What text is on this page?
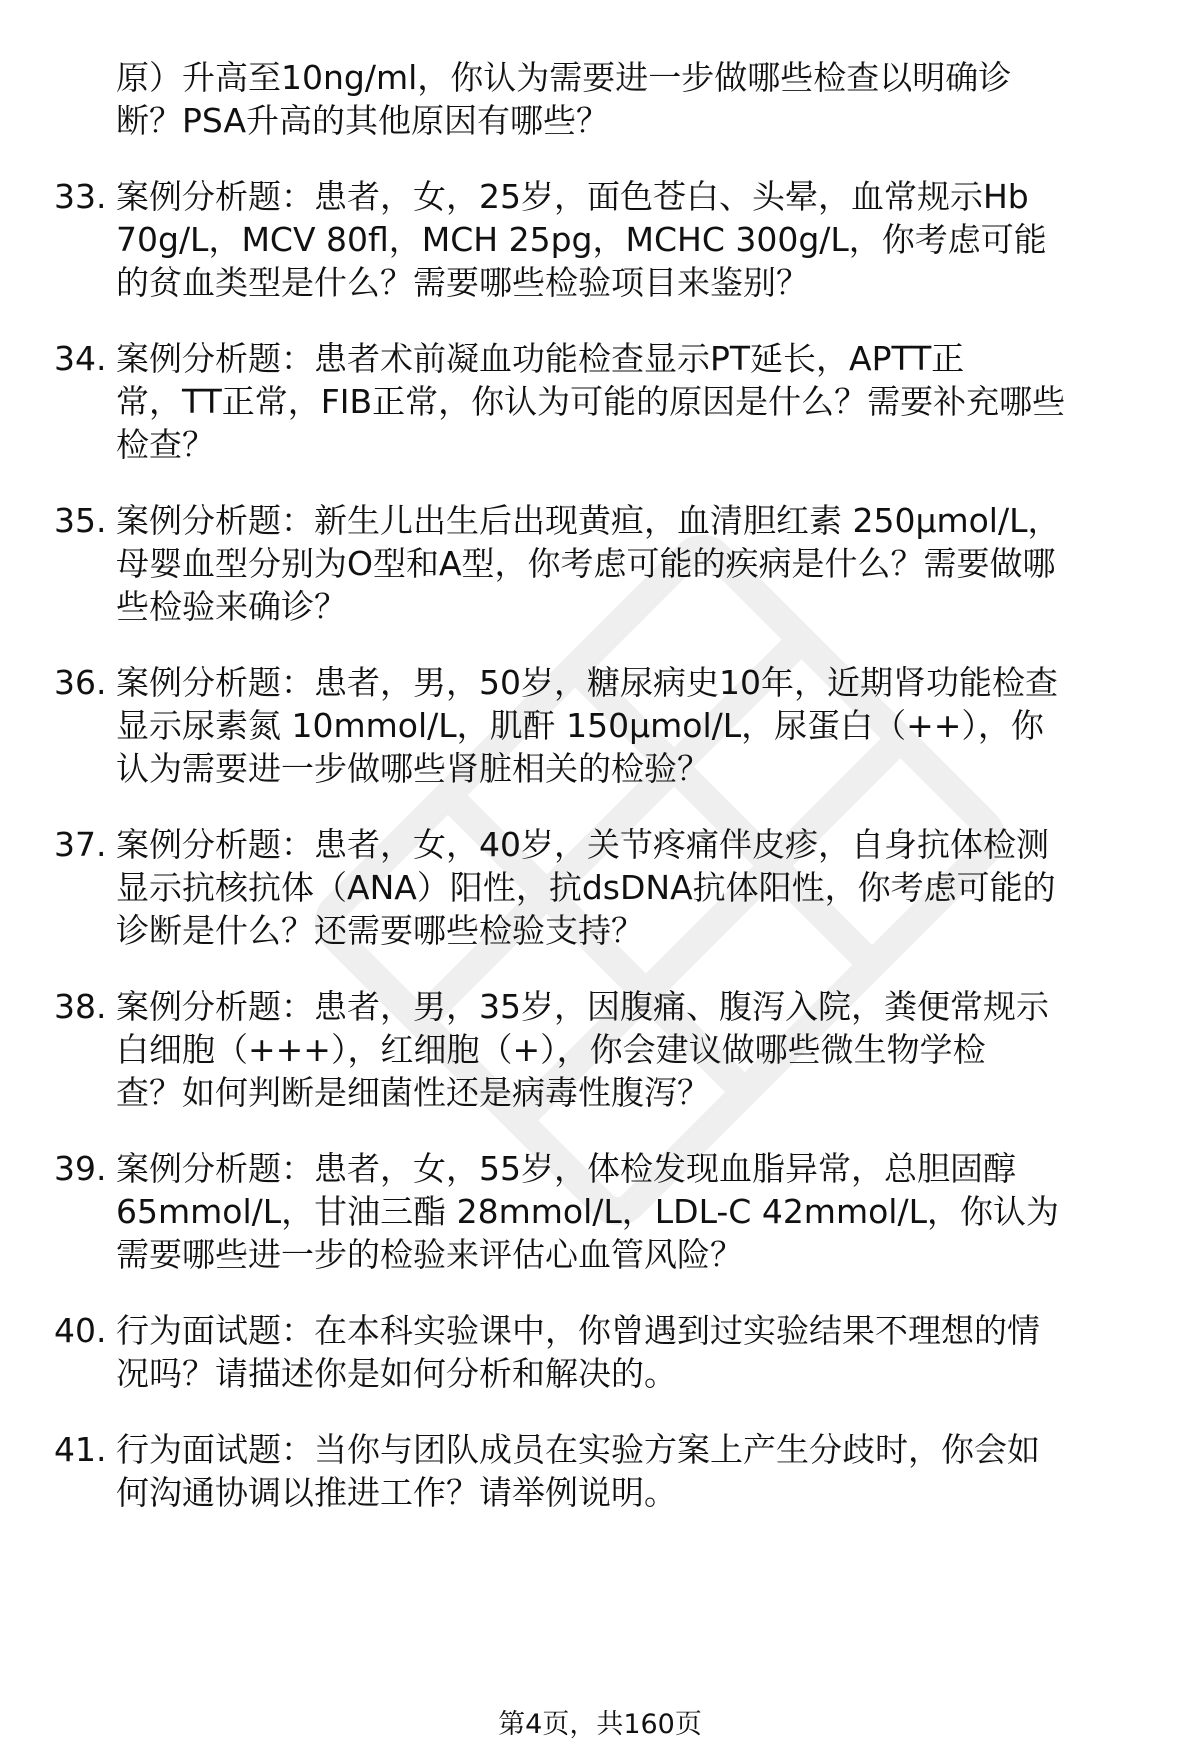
原）升高至10ng/ml，你认为需要进一步做哪些检查以明确诊
断？PSA升高的其他原因有哪些？
33. 案例分析题：患者，女，25岁，面色苍白、头晕，血常规示Hb
70g/L，MCV 80fl，MCH 25pg，MCHC 300g/L，你考虑可能
的贫血类型是什么？需要哪些检验项目来鉴别？
34. 案例分析题：患者术前凝血功能检查显示PT延长，APTT正
常，TT正常，FIB正常，你认为可能的原因是什么？需要补充哪些
检查？
35. 案例分析题：新生儿出生后出现黄疸，血清胆红素 250μmol/L，
母婴血型分别为O型和A型，你考虑可能的疾病是什么？需要做哪
些检验来确诊？
36. 案例分析题：患者，男，50岁，糖尿病史10年，近期肾功能检查
显示尿素氮 10mmol/L，肌酐 150μmol/L，尿蛋白（++），你
认为需要进一步做哪些肾脏相关的检验？
37. 案例分析题：患者，女，40岁，关节疼痛伴皮疹，自身抗体检测
显示抗核抗体（ANA）阳性，抗dsDNA抗体阳性，你考虑可能的
诊断是什么？还需要哪些检验支持？
38. 案例分析题：患者，男，35岁，因腹痛、腹泻入院，粪便常规示
白细胞（+++），红细胞（+），你会建议做哪些微生物学检
查？如何判断是细菌性还是病毒性腹泻？
39. 案例分析题：患者，女，55岁，体检发现血脂异常，总胆固醇
65mmol/L，甘油三酯 28mmol/L，LDL-C 42mmol/L，你认为
需要哪些进一步的检验来评估心血管风险？
40. 行为面试题：在本科实验课中，你曾遇到过实验结果不理想的情
况吗？请描述你是如何分析和解决的。
41. 行为面试题：当你与团队成员在实验方案上产生分歧时，你会如
何沟通协调以推进工作？请举例说明。
第4页，共160页
